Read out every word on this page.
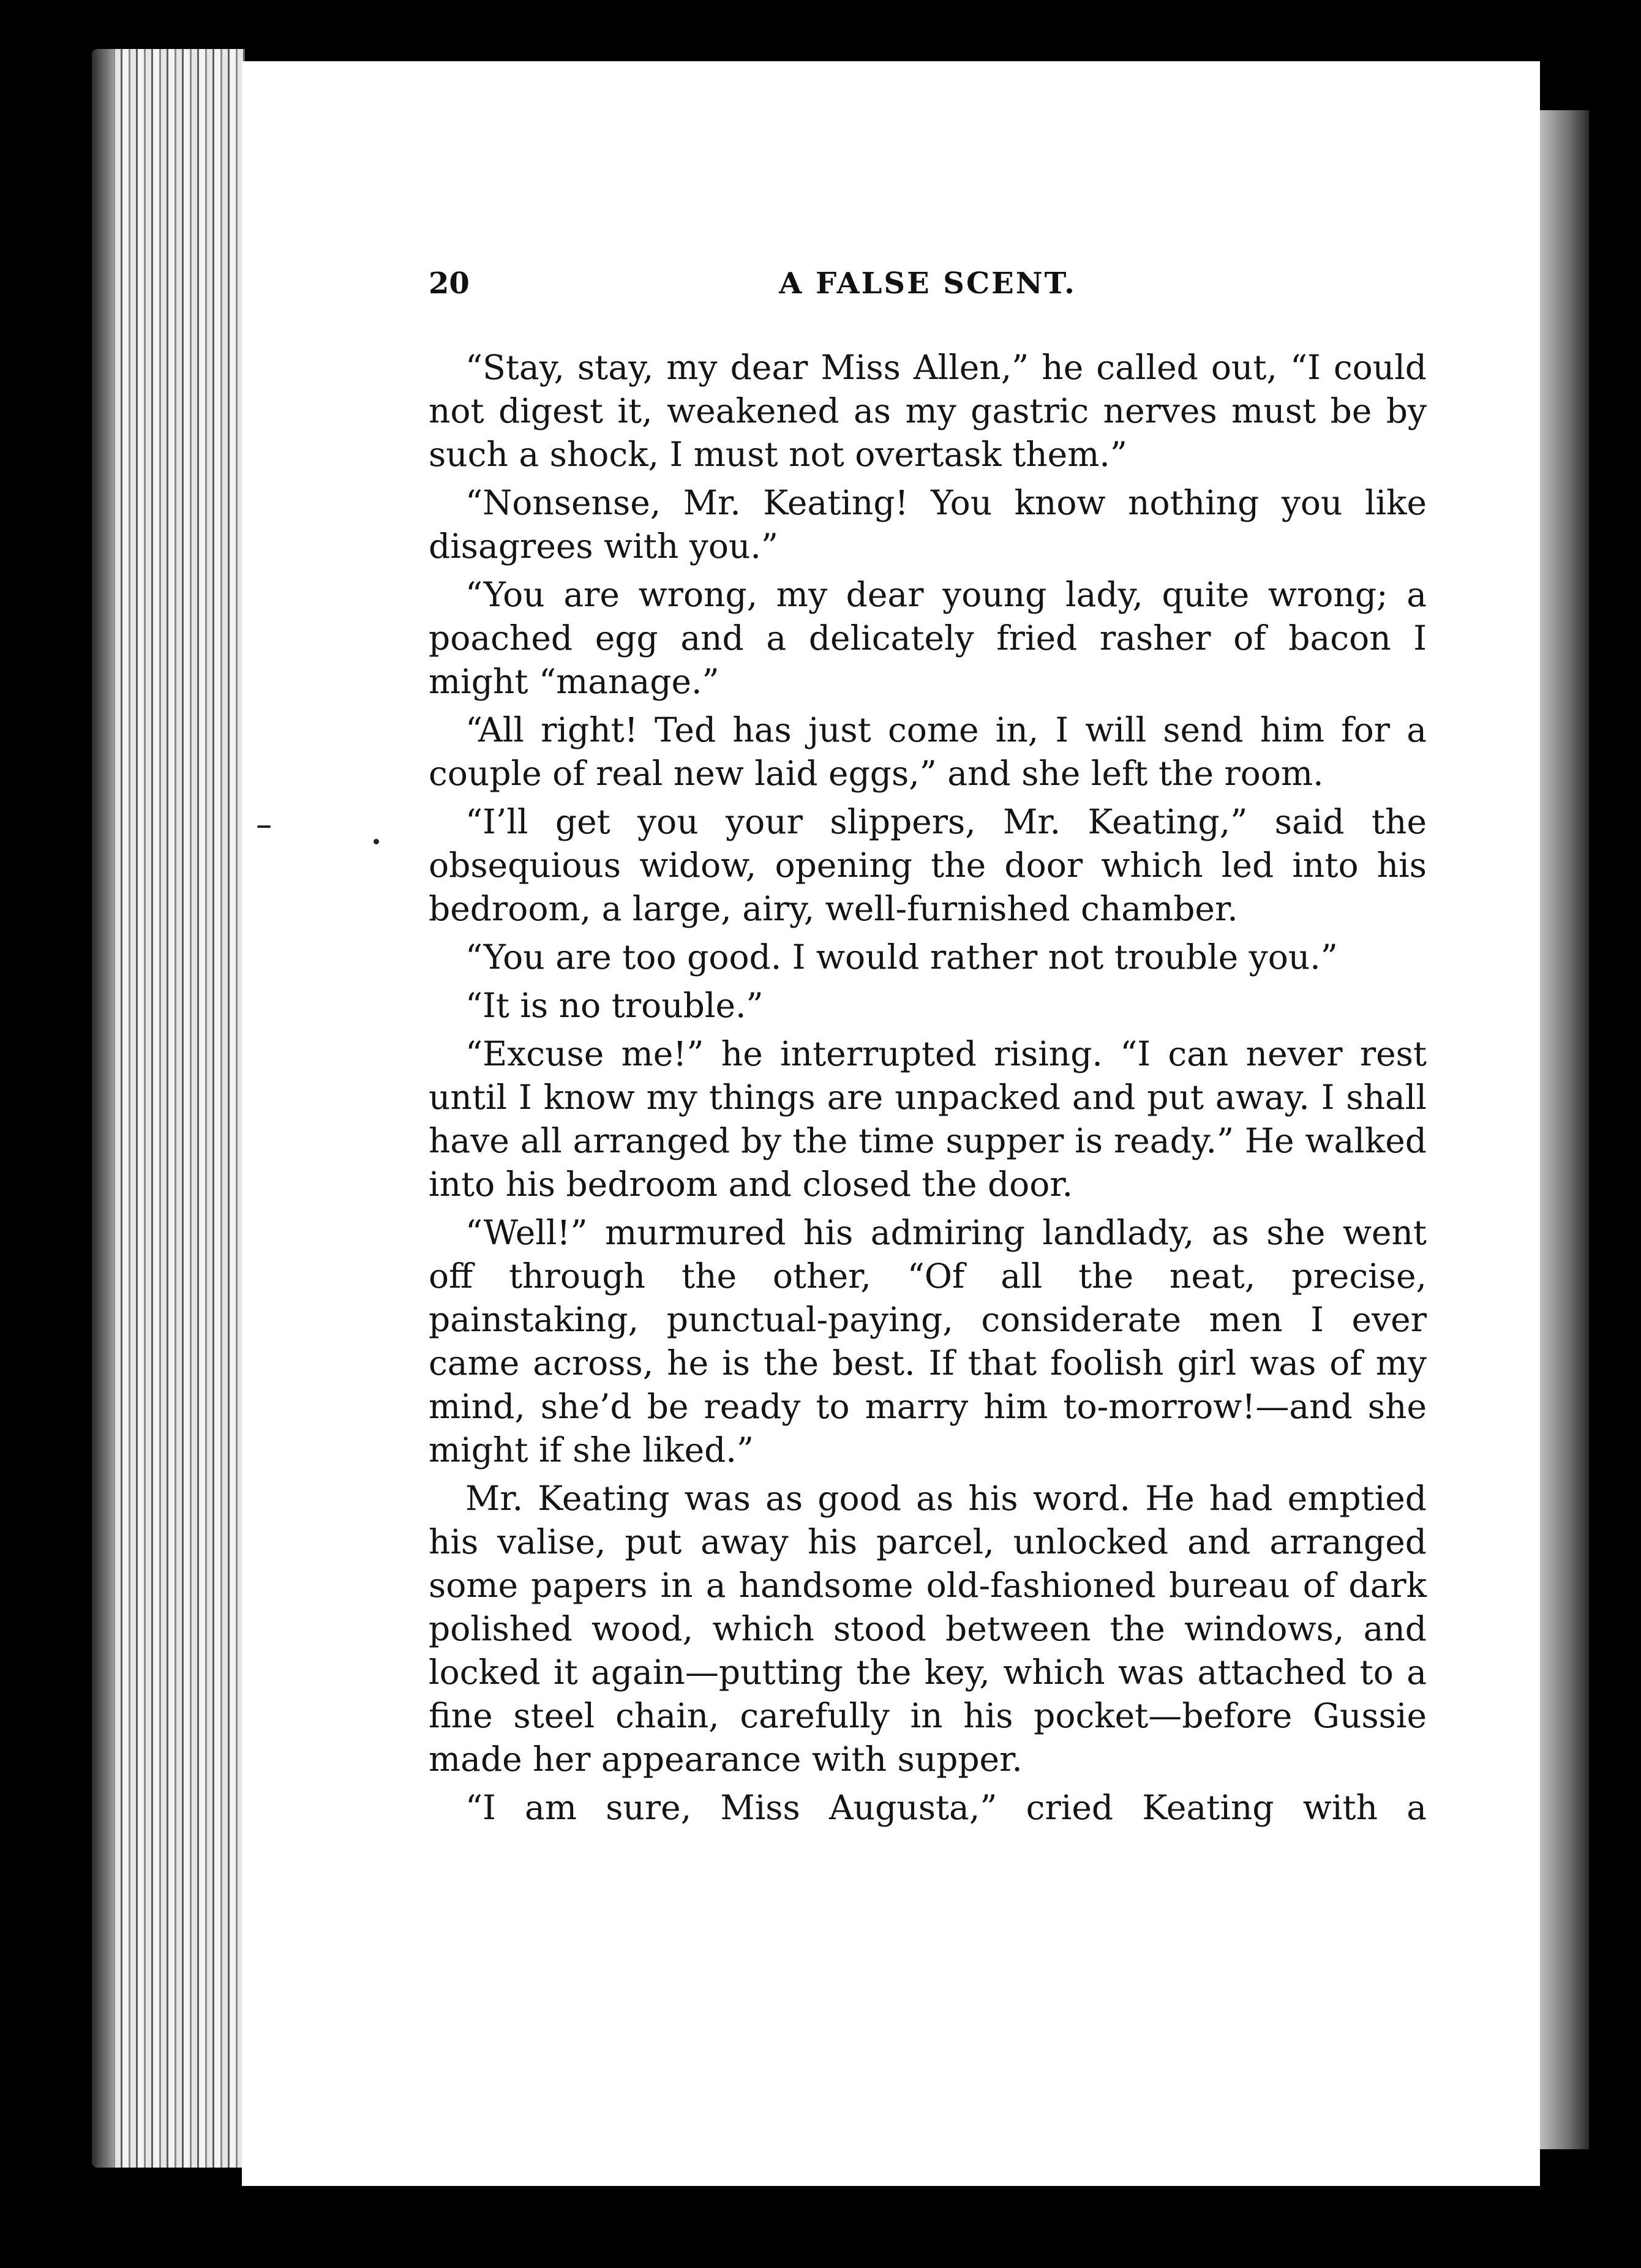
20	A FALSE SCENT.

“Stay, stay, my dear Miss Allen,” he called out, “I could not digest it, weakened as my gastric nerves must be by such a shock, I must not overtask them.”

“Nonsense, Mr. Keating! You know nothing you like disagrees with you.”

“You are wrong, my dear young lady, quite wrong; a poached egg and a delicately fried rasher of bacon I might “manage.”

“All right! Ted has just come in, I will send him for a couple of real new laid eggs,” and she left the room.

“I’ll get you your slippers, Mr. Keating,” said the obsequious widow, opening the door which led into his bedroom, a large, airy, well-furnished chamber.

“You are too good. I would rather not trouble you.”

“It is no trouble.”

“Excuse me!” he interrupted rising. “I can never rest until I know my things are unpacked and put away. I shall have all arranged by the time supper is ready.” He walked into his bedroom and closed the door.

“Well!” murmured his admiring landlady, as she went off through the other, “Of all the neat, precise, painstaking, punctual-paying, considerate men I ever came across, he is the best. If that foolish girl was of my mind, she’d be ready to marry him to-morrow!—and she might if she liked.”

Mr. Keating was as good as his word. He had emptied his valise, put away his parcel, unlocked and arranged some papers in a handsome old-fashioned bureau of dark polished wood, which stood between the windows, and locked it again—putting the key, which was attached to a fine steel chain, carefully in his pocket—before Gussie made her appearance with supper.

“I am sure, Miss Augusta,” cried Keating with a
